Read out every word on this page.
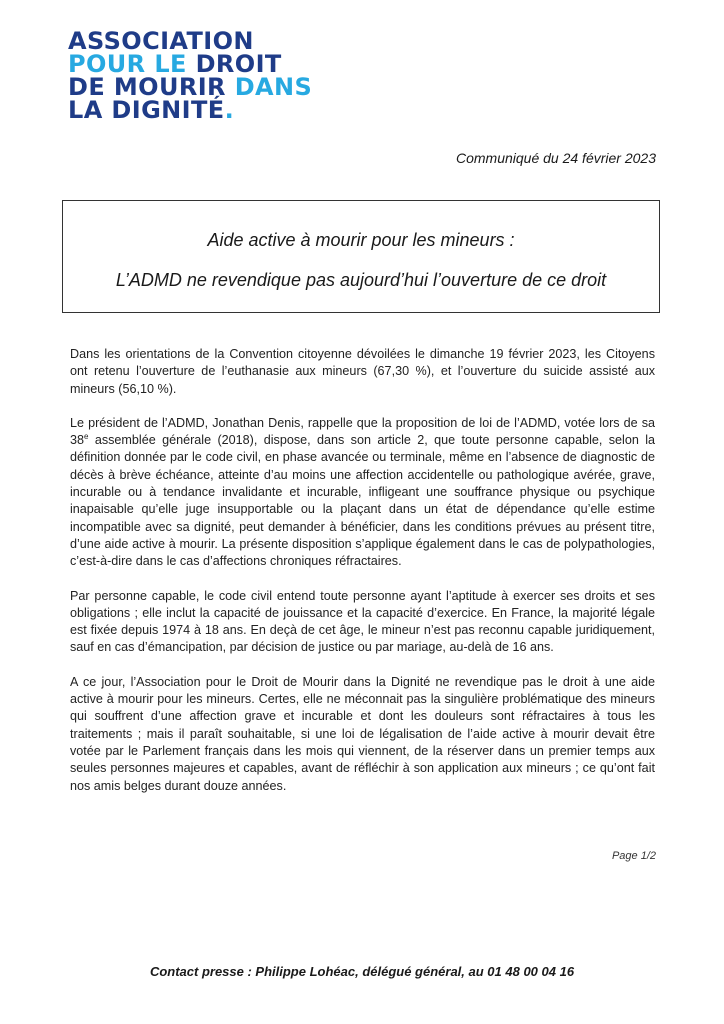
ASSOCIATION
POUR LE DROIT
DE MOURIR DANS
LA DIGNITÉ.
Communiqué du 24 février 2023
Aide active à mourir pour les mineurs :
L’ADMD ne revendique pas aujourd’hui l’ouverture de ce droit

Dans les orientations de la Convention citoyenne dévoilées le dimanche 19 février 2023, les Citoyens ont retenu l’ouverture de l’euthanasie aux mineurs (67,30 %), et l’ouverture du suicide assisté aux mineurs (56,10 %).

Le président de l’ADMD, Jonathan Denis, rappelle que la proposition de loi de l’ADMD, votée lors de sa 38e assemblée générale (2018), dispose, dans son article 2, que toute personne capable, selon la définition donnée par le code civil, en phase avancée ou terminale, même en l’absence de diagnostic de décès à brève échéance, atteinte d’au moins une affection accidentelle ou pathologique avérée, grave, incurable ou à tendance invalidante et incurable, infligeant une souffrance physique ou psychique inapaisable qu’elle juge insupportable ou la plaçant dans un état de dépendance qu’elle estime incompatible avec sa dignité, peut demander à bénéficier, dans les conditions prévues au présent titre, d’une aide active à mourir. La présente disposition s’applique également dans le cas de polypathologies, c’est-à-dire dans le cas d’affections chroniques réfractaires.

Par personne capable, le code civil entend toute personne ayant l’aptitude à exercer ses droits et ses obligations ; elle inclut la capacité de jouissance et la capacité d’exercice. En France, la majorité légale est fixée depuis 1974 à 18 ans. En deçà de cet âge, le mineur n’est pas reconnu capable juridiquement, sauf en cas d’émancipation, par décision de justice ou par mariage, au-delà de 16 ans.

A ce jour, l’Association pour le Droit de Mourir dans la Dignité ne revendique pas le droit à une aide active à mourir pour les mineurs. Certes, elle ne méconnait pas la singulière problématique des mineurs qui souffrent d’une affection grave et incurable et dont les douleurs sont réfractaires à tous les traitements ; mais il paraît souhaitable, si une loi de légalisation de l’aide active à mourir devait être votée par le Parlement français dans les mois qui viennent, de la réserver dans un premier temps aux seules personnes majeures et capables, avant de réfléchir à son application aux mineurs ; ce qu’ont fait nos amis belges durant douze années.

Page 1/2
Contact presse : Philippe Lohéac, délégué général, au 01 48 00 04 16
